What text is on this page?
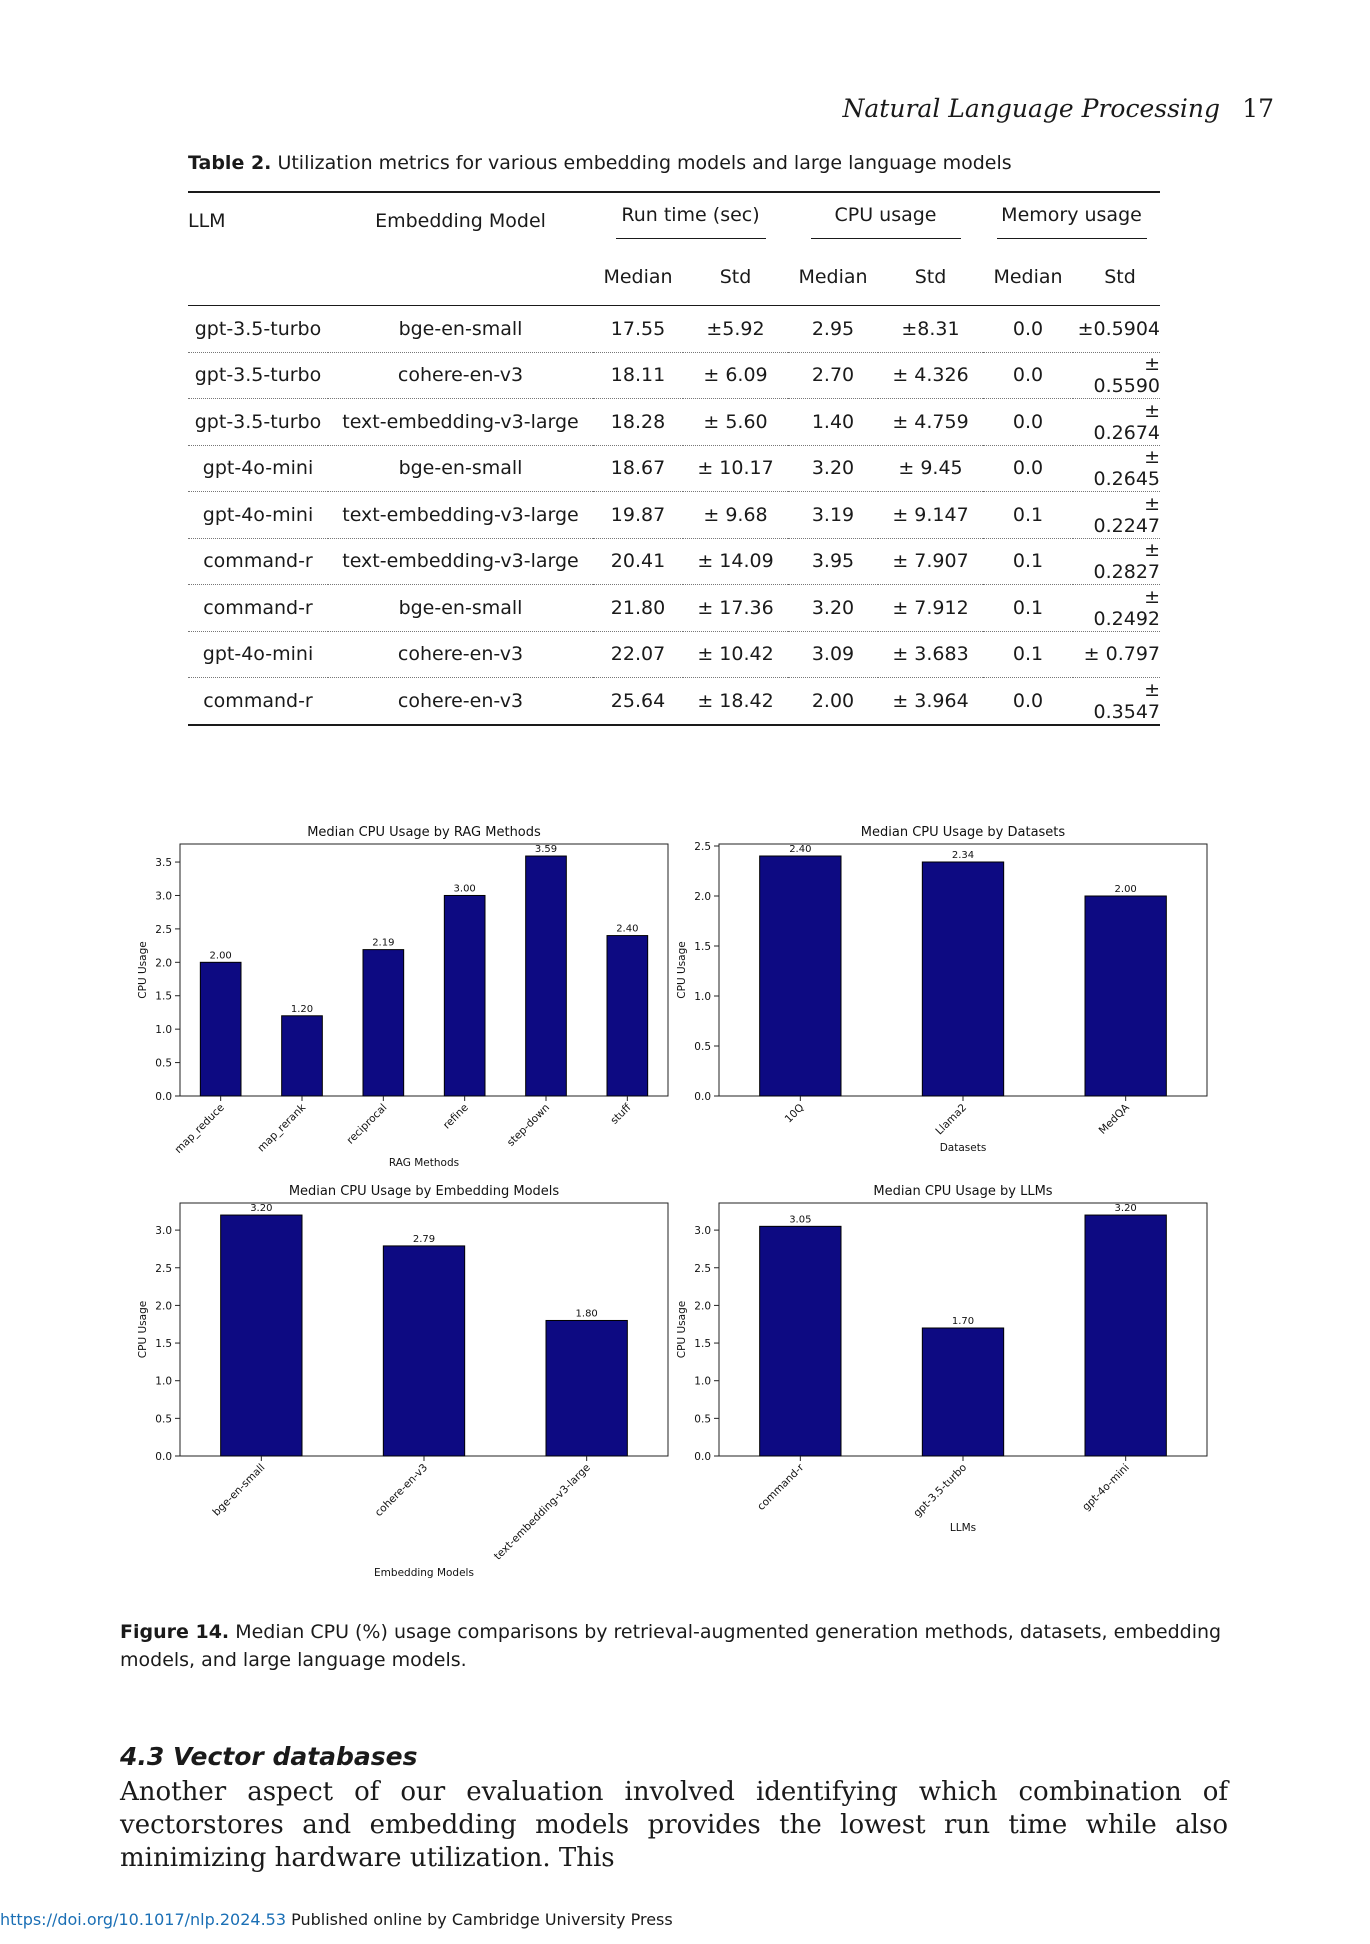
Natural Language Processing 17
Table 2. Utilization metrics for various embedding models and large language models
LLM	Embedding Model	Run time (sec)		CPU usage		Memory usage	
		Median	Std	Median	Std	Median	Std
gpt-3.5-turbo	bge-en-small	17.55	±5.92	2.95	±8.31	0.0	±0.5904
gpt-3.5-turbo	cohere-en-v3	18.11	± 6.09	2.70	± 4.326	0.0	± 0.5590
gpt-3.5-turbo	text-embedding-v3-large	18.28	± 5.60	1.40	± 4.759	0.0	± 0.2674
gpt-4o-mini	bge-en-small	18.67	± 10.17	3.20	± 9.45	0.0	± 0.2645
gpt-4o-mini	text-embedding-v3-large	19.87	± 9.68	3.19	± 9.147	0.1	± 0.2247
command-r	text-embedding-v3-large	20.41	± 14.09	3.95	± 7.907	0.1	± 0.2827
command-r	bge-en-small	21.80	± 17.36	3.20	± 7.912	0.1	± 0.2492
gpt-4o-mini	cohere-en-v3	22.07	± 10.42	3.09	± 3.683	0.1	± 0.797
command-r	cohere-en-v3	25.64	± 18.42	2.00	± 3.964	0.0	± 0.3547
Median CPU Usage by RAG Methods
0.0
0.5
1.0
1.5
2.0
2.5
3.0
3.5
CPU Usage	2.00
map_reduce
1.20
map_rerank
2.19
reciprocal
3.00
refine
3.59
step-down
2.40
stuff
RAG Methods
Median CPU Usage by Datasets
0.0
0.5
1.0
1.5
2.0
2.5
CPU Usage
2.40
10Q
2.34
Llama2
2.00
MedQA
Datasets
Median CPU Usage by Embedding Models
0.0
0.5
1.0
1.5
2.0
2.5
3.0
CPU Usage
3.20
bge-en-small
2.79
cohere-en-v3
1.80
text-embedding-v3-large
Embedding Models
Median CPU Usage by LLMs
0.0
0.5
1.0
1.5
2.0
2.5
3.0
CPU Usage
3.05
command-r
1.70
gpt-3.5-turbo
3.20
gpt-4o-mini
LLMs
Figure 14. Median CPU (%) usage comparisons by retrieval-augmented generation methods, datasets, embedding models, and large language models.
4.3 Vector databases
Another aspect of our evaluation involved identifying which combination of vectorstores and embedding models provides the lowest run time while also minimizing hardware utilization. This
https://doi.org/10.1017/nlp.2024.53 Published online by Cambridge University Press
